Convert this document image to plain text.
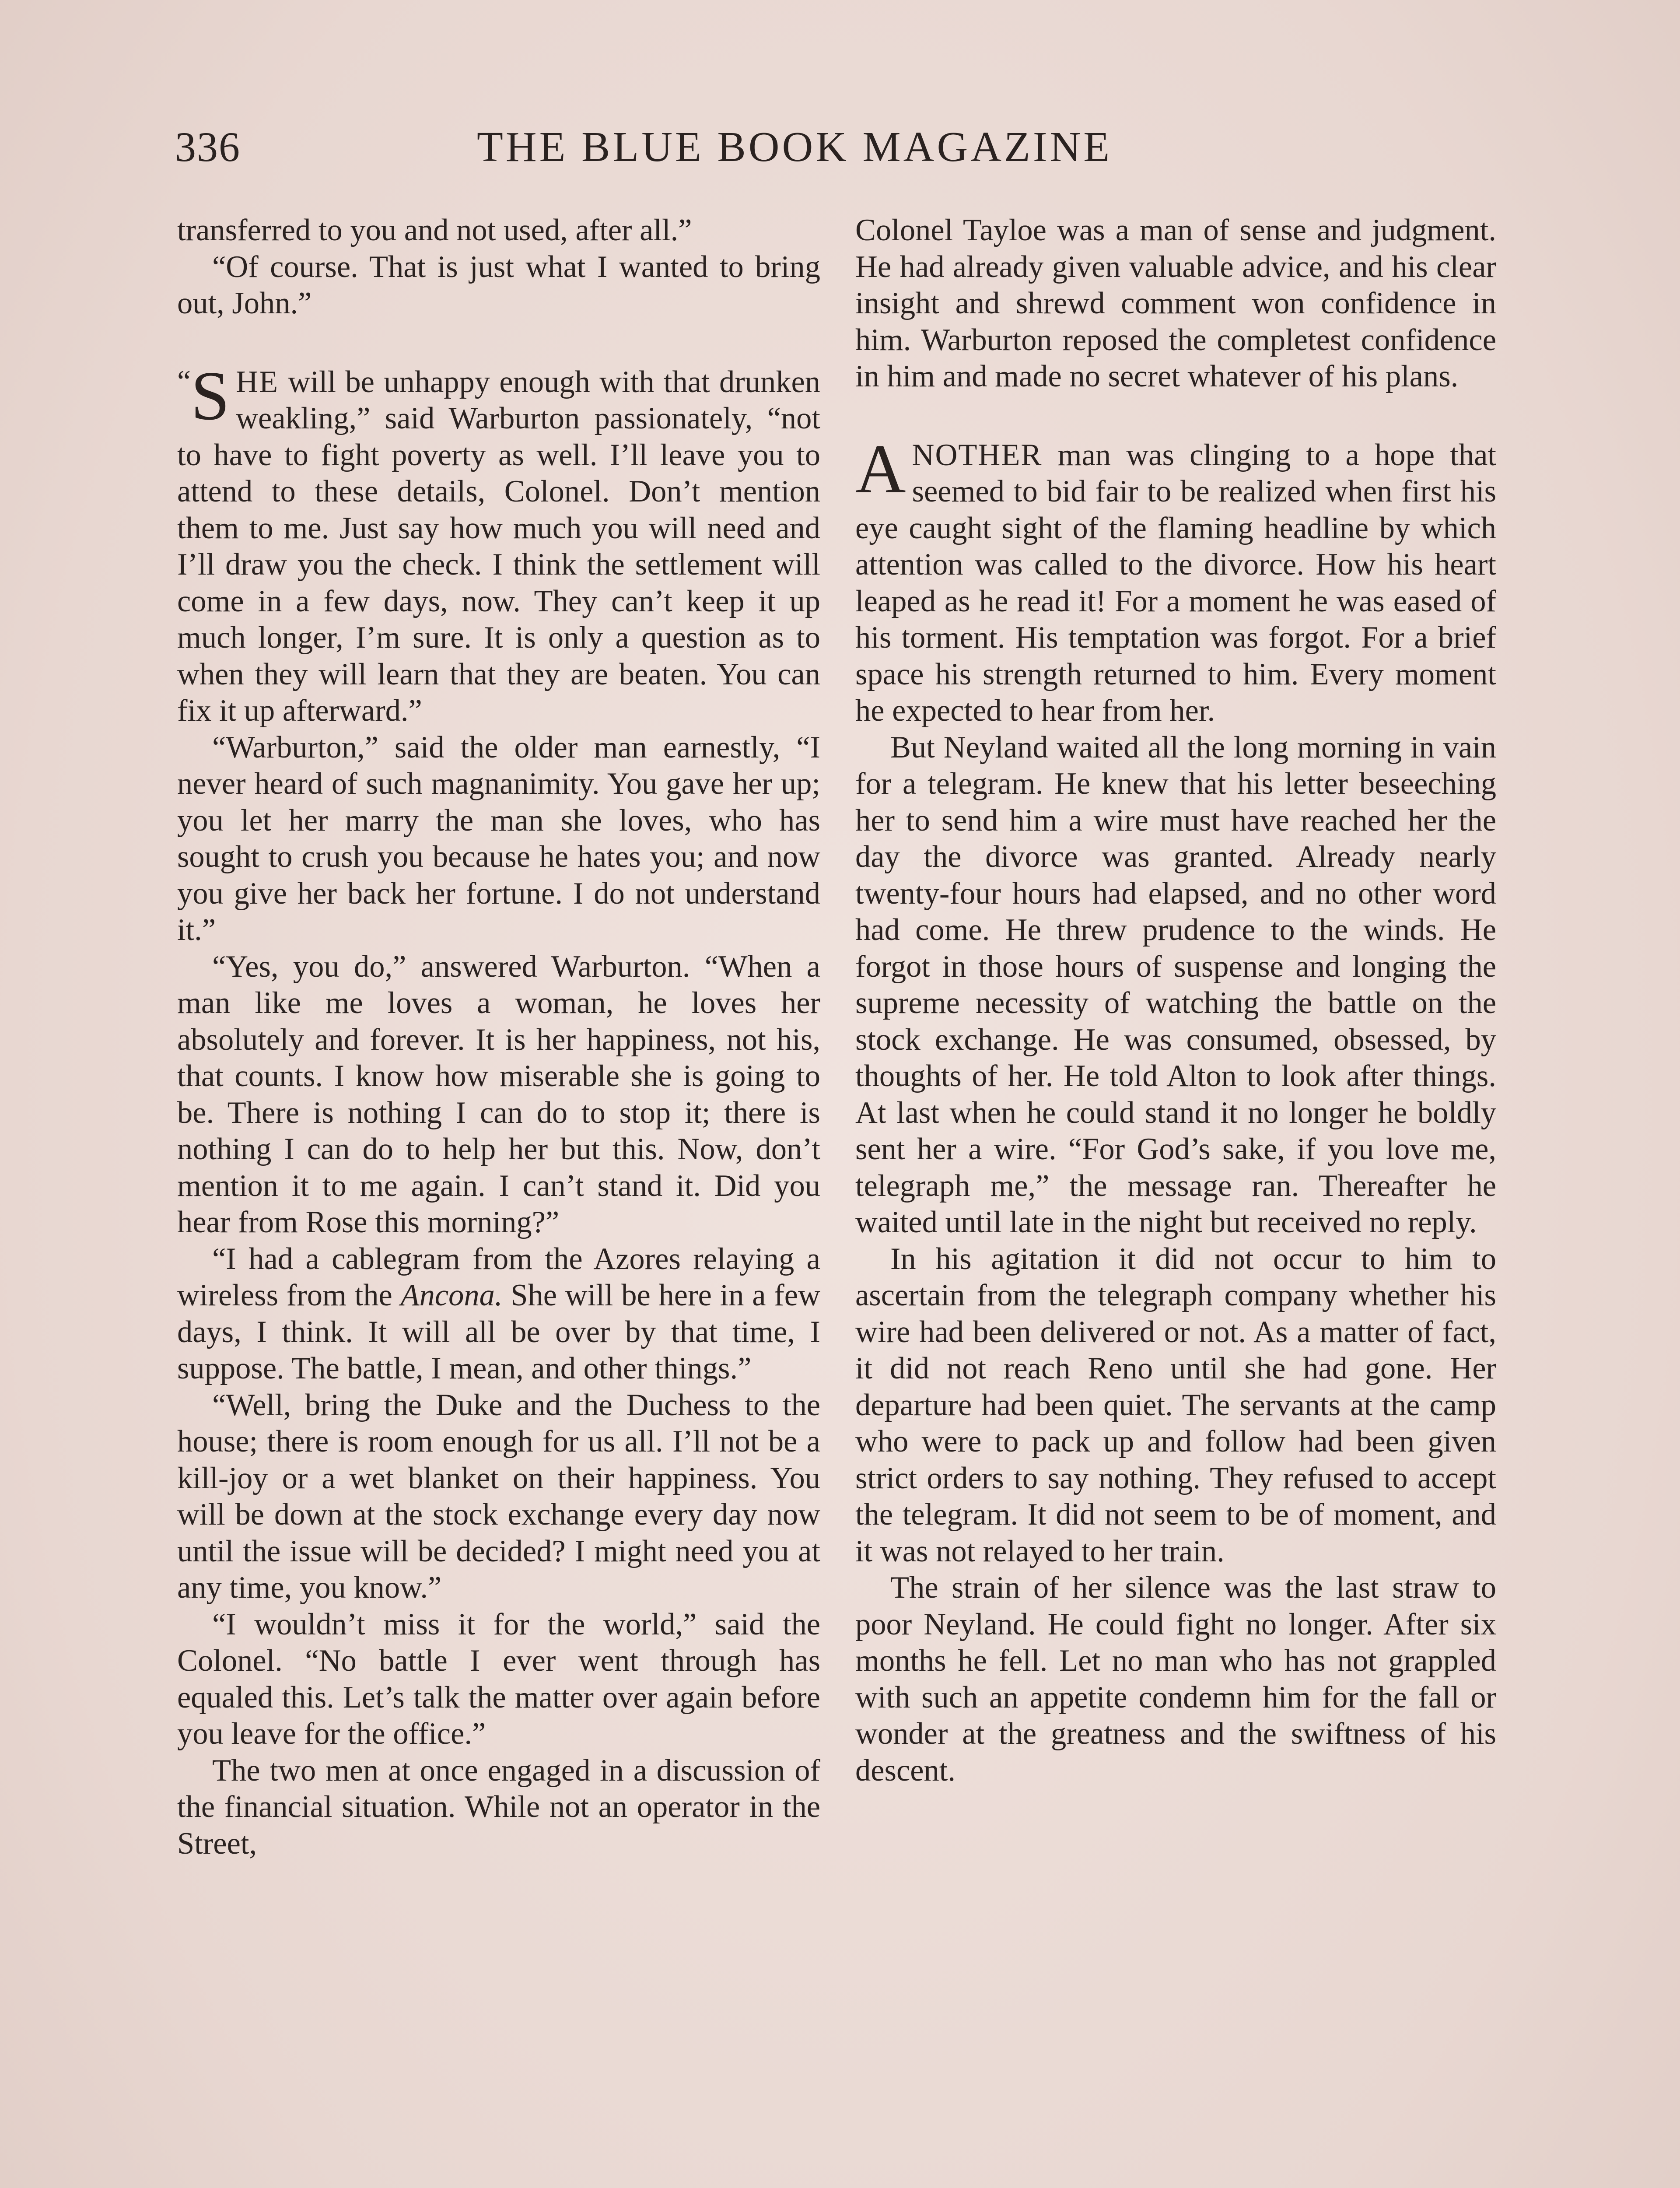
336	THE BLUE BOOK MAGAZINE

transferred to you and not used, after all.”

“Of course. That is just what I wanted to bring out, John.”

“ S HE will be unhappy enough with that drunken weakling,” said Warburton passionately, “not to have to fight poverty as well. I’ll leave you to attend to these details, Colonel. Don’t mention them to me. Just say how much you will need and I’ll draw you the check. I think the settlement will come in a few days, now. They can’t keep it up much longer, I’m sure. It is only a question as to when they will learn that they are beaten. You can fix it up afterward.”

“Warburton,” said the older man earnestly, “I never heard of such magnanimity. You gave her up; you let her marry the man she loves, who has sought to crush you because he hates you; and now you give her back her fortune. I do not understand it.”

“Yes, you do,” answered Warburton. “When a man like me loves a woman, he loves her absolutely and forever. It is her happiness, not his, that counts. I know how miserable she is going to be. There is nothing I can do to stop it; there is nothing I can do to help her but this. Now, don’t mention it to me again. I can’t stand it. Did you hear from Rose this morning?”

“I had a cablegram from the Azores relaying a wireless from the Ancona. She will be here in a few days, I think. It will all be over by that time, I suppose. The battle, I mean, and other things.”

“Well, bring the Duke and the Duchess to the house; there is room enough for us all. I’ll not be a kill-joy or a wet blanket on their happiness. You will be down at the stock exchange every day now until the issue will be decided? I might need you at any time, you know.”

“I wouldn’t miss it for the world,” said the Colonel. “No battle I ever went through has equaled this. Let’s talk the matter over again before you leave for the office.”

The two men at once engaged in a discussion of the financial situation. While not an operator in the Street,

Colonel Tayloe was a man of sense and judgment. He had already given valuable advice, and his clear insight and shrewd comment won confidence in him. Warburton reposed the completest confidence in him and made no secret whatever of his plans.

ANOTHER man was clinging to a hope that seemed to bid fair to be realized when first his eye caught sight of the flaming headline by which attention was called to the divorce. How his heart leaped as he read it! For a moment he was eased of his torment. His temptation was forgot. For a brief space his strength returned to him. Every moment he expected to hear from her.

But Neyland waited all the long morning in vain for a telegram. He knew that his letter beseeching her to send him a wire must have reached her the day the divorce was granted. Already nearly twenty-four hours had elapsed, and no other word had come. He threw prudence to the winds. He forgot in those hours of suspense and longing the supreme necessity of watching the battle on the stock exchange. He was consumed, obsessed, by thoughts of her. He told Alton to look after things. At last when he could stand it no longer he boldly sent her a wire. “For God’s sake, if you love me, telegraph me,” the message ran. Thereafter he waited until late in the night but received no reply.

In his agitation it did not occur to him to ascertain from the telegraph company whether his wire had been delivered or not. As a matter of fact, it did not reach Reno until she had gone. Her departure had been quiet. The servants at the camp who were to pack up and follow had been given strict orders to say nothing. They refused to accept the telegram. It did not seem to be of moment, and it was not relayed to her train.

The strain of her silence was the last straw to poor Neyland. He could fight no longer. After six months he fell. Let no man who has not grappled with such an appetite condemn him for the fall or wonder at the greatness and the swiftness of his descent.
